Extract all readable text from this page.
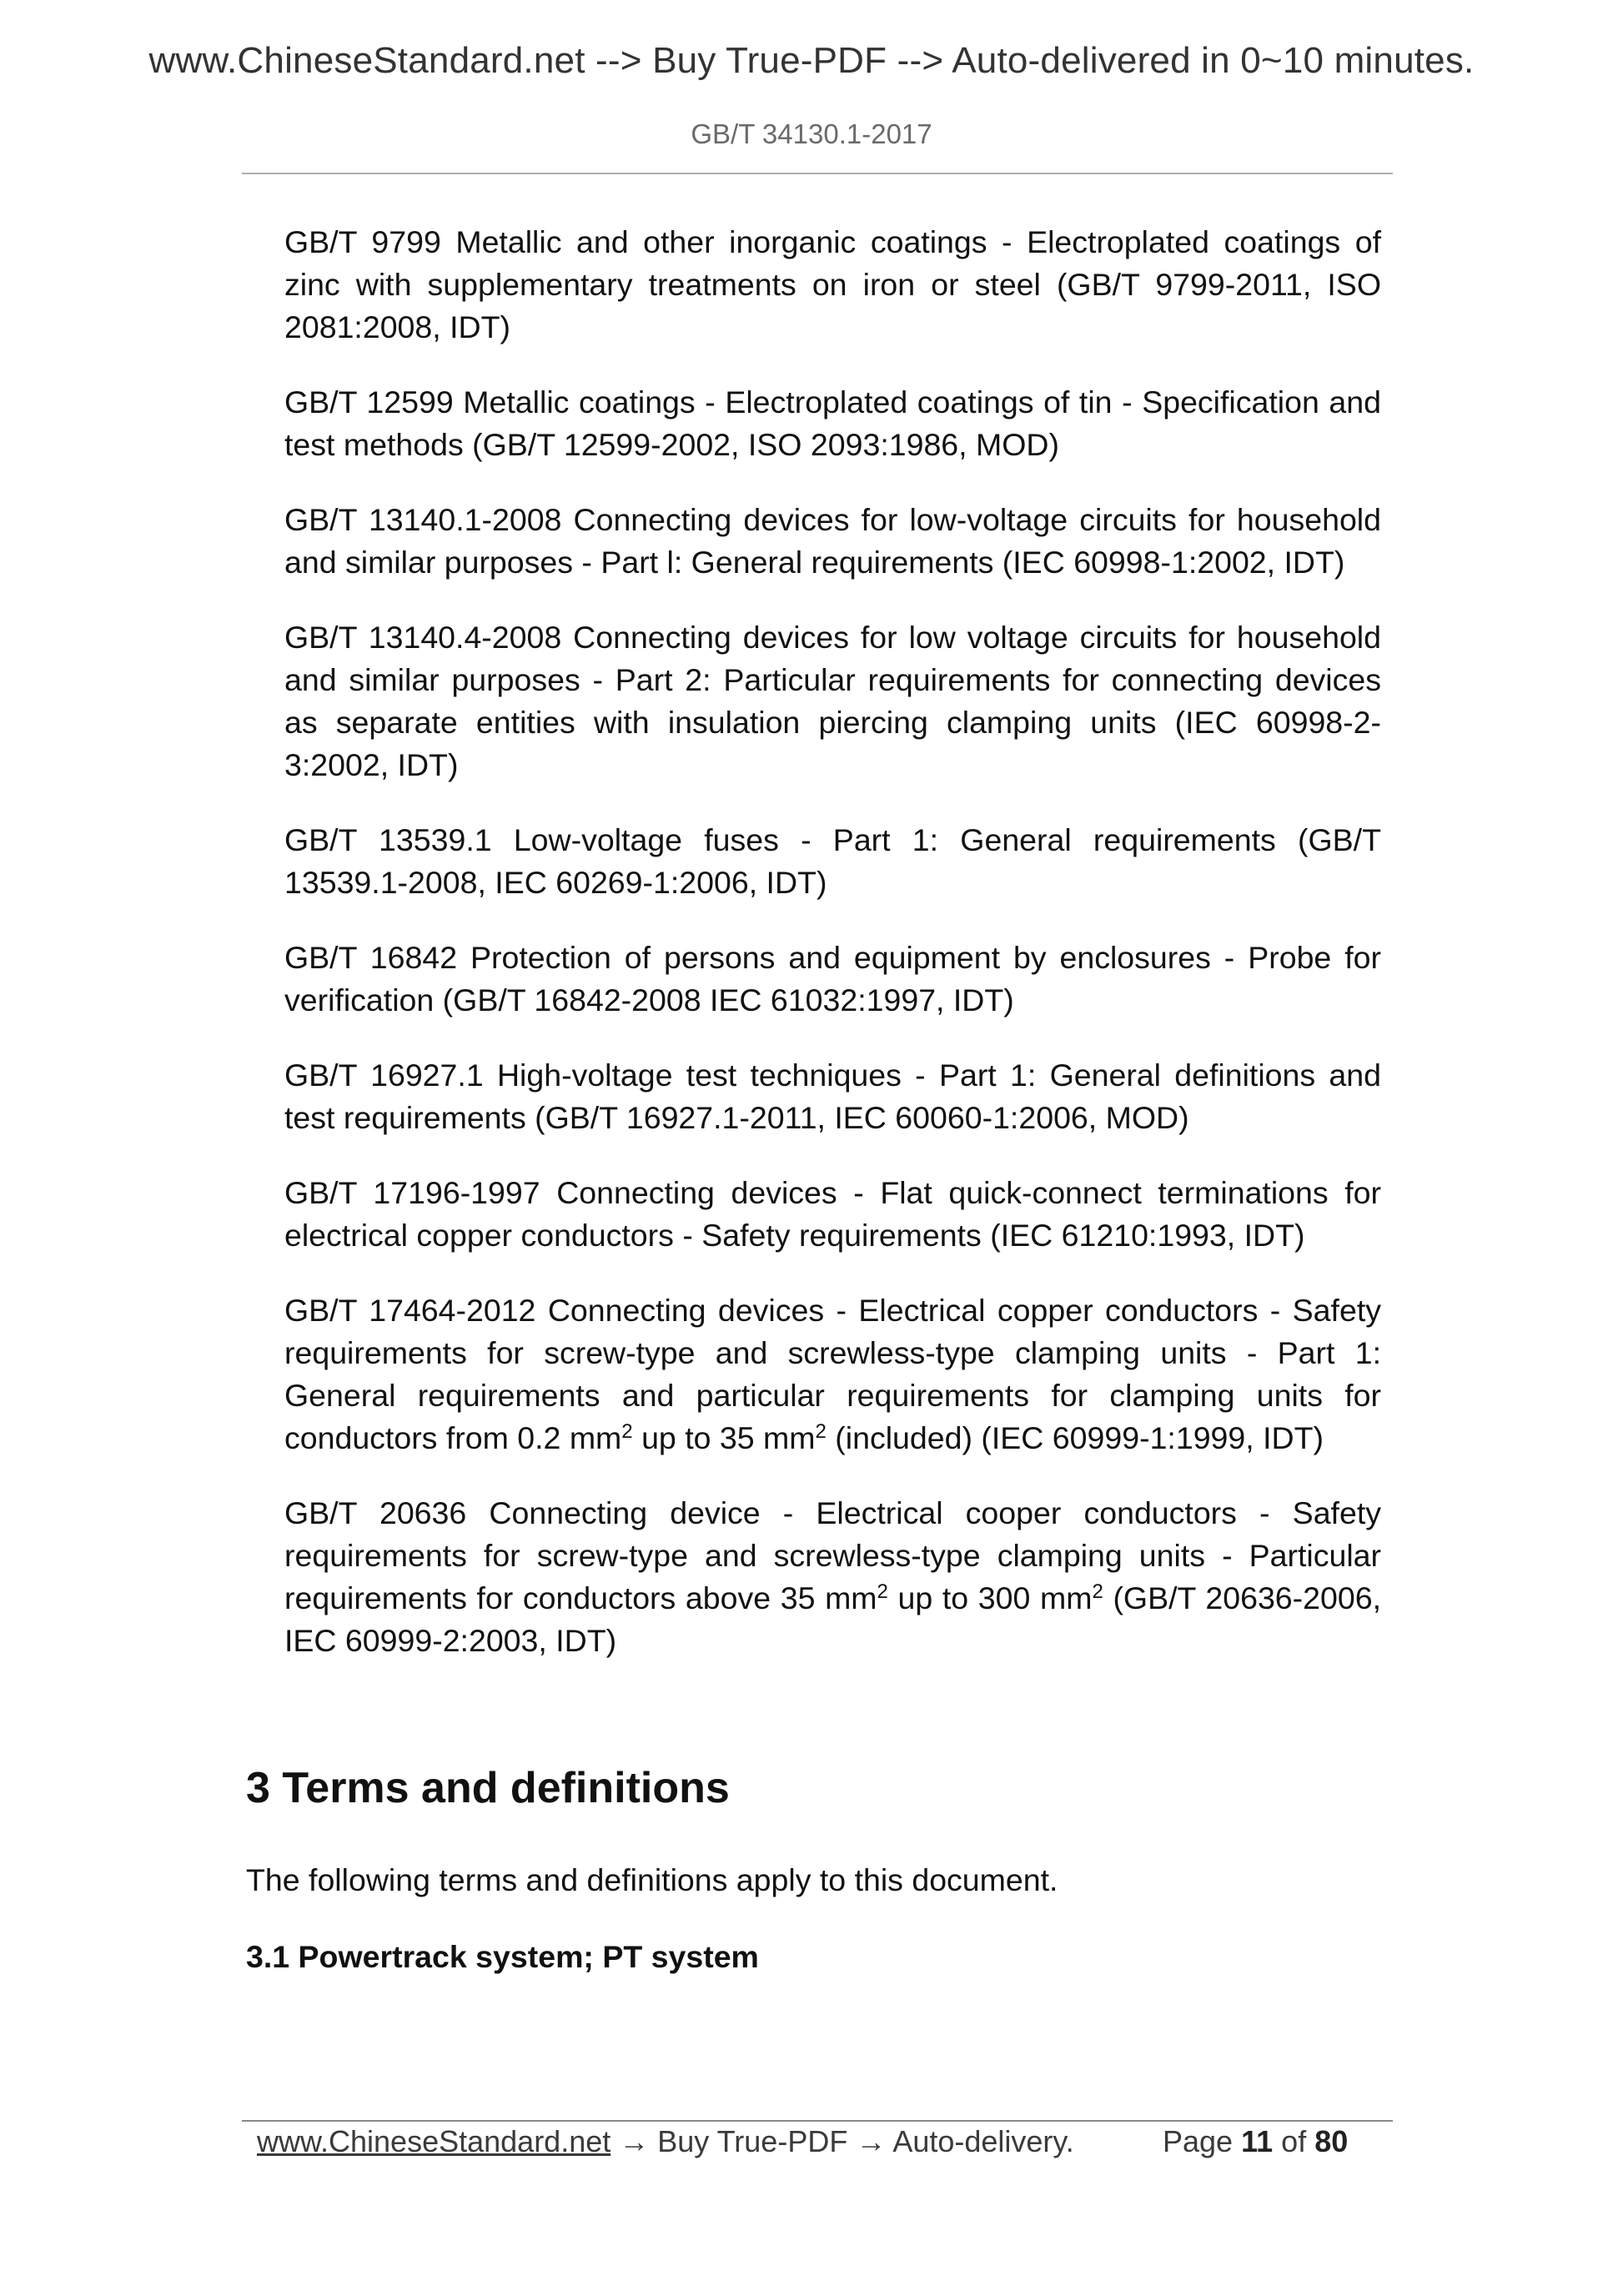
www.ChineseStandard.net --> Buy True-PDF --> Auto-delivered in 0~10 minutes.
GB/T 34130.1-2017

GB/T 9799 Metallic and other inorganic coatings - Electroplated coatings of zinc with supplementary treatments on iron or steel (GB/T 9799-2011, ISO 2081:2008, IDT)

GB/T 12599 Metallic coatings - Electroplated coatings of tin - Specification and test methods (GB/T 12599-2002, ISO 2093:1986, MOD)

GB/T 13140.1-2008 Connecting devices for low-voltage circuits for household and similar purposes - Part l: General requirements (IEC 60998-1:2002, IDT)

GB/T 13140.4-2008 Connecting devices for low voltage circuits for household and similar purposes - Part 2: Particular requirements for connecting devices as separate entities with insulation piercing clamping units (IEC 60998-2-3:2002, IDT)

GB/T 13539.1 Low-voltage fuses - Part 1: General requirements (GB/T 13539.1-2008, IEC 60269-1:2006, IDT)

GB/T 16842 Protection of persons and equipment by enclosures - Probe for verification (GB/T 16842-2008 IEC 61032:1997, IDT)

GB/T 16927.1 High-voltage test techniques - Part 1: General definitions and test requirements (GB/T 16927.1-2011, IEC 60060-1:2006, MOD)

GB/T 17196-1997 Connecting devices - Flat quick-connect terminations for electrical copper conductors - Safety requirements (IEC 61210:1993, IDT)

GB/T 17464-2012 Connecting devices - Electrical copper conductors - Safety requirements for screw-type and screwless-type clamping units - Part 1: General requirements and particular requirements for clamping units for conductors from 0.2 $mm^2$ up to 35 $mm^2$ (included) (IEC 60999-1:1999, IDT)

GB/T 20636 Connecting device - Electrical cooper conductors - Safety requirements for screw-type and screwless-type clamping units - Particular requirements for conductors above 35 $mm^2$ up to 300 $mm^2$ (GB/T 20636-2006, IEC 60999-2:2003, IDT)

3 Terms and definitions

The following terms and definitions apply to this document.

3.1 Powertrack system; PT system
www.ChineseStandard.net → Buy True-PDF → Auto-delivery.	Page 11 of 80
